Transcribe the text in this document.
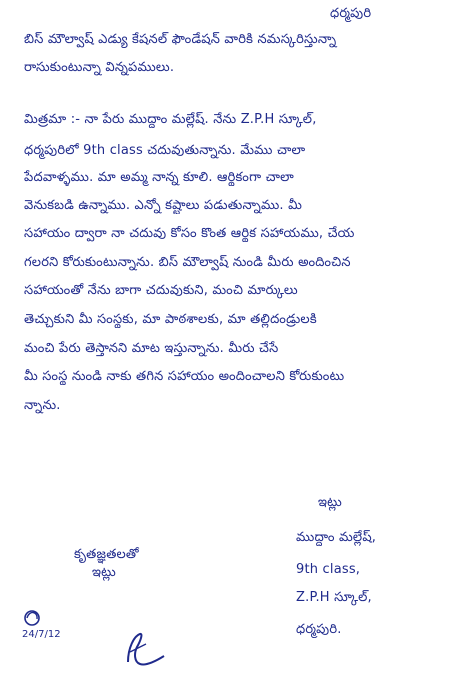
ధర్మపురి
బిస్ మౌల్వాష్ ఎడ్యు కేషనల్ ఫౌండేషన్ వారికి నమస్కరిస్తున్నా
రాసుకుంటున్నా విన్నపములు.
మిత్రమా :- నా పేరు ముద్దాం మల్లేష్. నేను Z.P.H స్కూల్,
ధర్మపురిలో 9th class చదువుతున్నాను. మేము చాలా
పేదవాళ్ళము. మా అమ్మ నాన్న కూలి. ఆర్థికంగా చాలా
వెనుకబడి ఉన్నాము. ఎన్నో కష్టాలు పడుతున్నాము. మీ
సహాయం ద్వారా నా చదువు కోసం కొంత ఆర్థిక సహాయము, చేయ
గలరని కోరుకుంటున్నాను. బిస్ మౌల్వాష్ నుండి మీరు అందించిన
సహాయంతో నేను బాగా చదువుకుని, మంచి మార్కులు
తెచ్చుకుని మీ సంస్థకు, మా పాఠశాలకు, మా తల్లిదండ్రులకి
మంచి పేరు తెస్తానని మాట ఇస్తున్నాను. మీరు చేసే
మీ సంస్థ నుండి నాకు తగిన సహాయం అందించాలని కోరుకుంటు
న్నాను.
కృతజ్ఞతలతో
ఇట్లు
ఇట్లు
ముద్దాం మల్లేష్,
9th class,
Z.P.H స్కూల్,
ధర్మపురి.
24/7/12
